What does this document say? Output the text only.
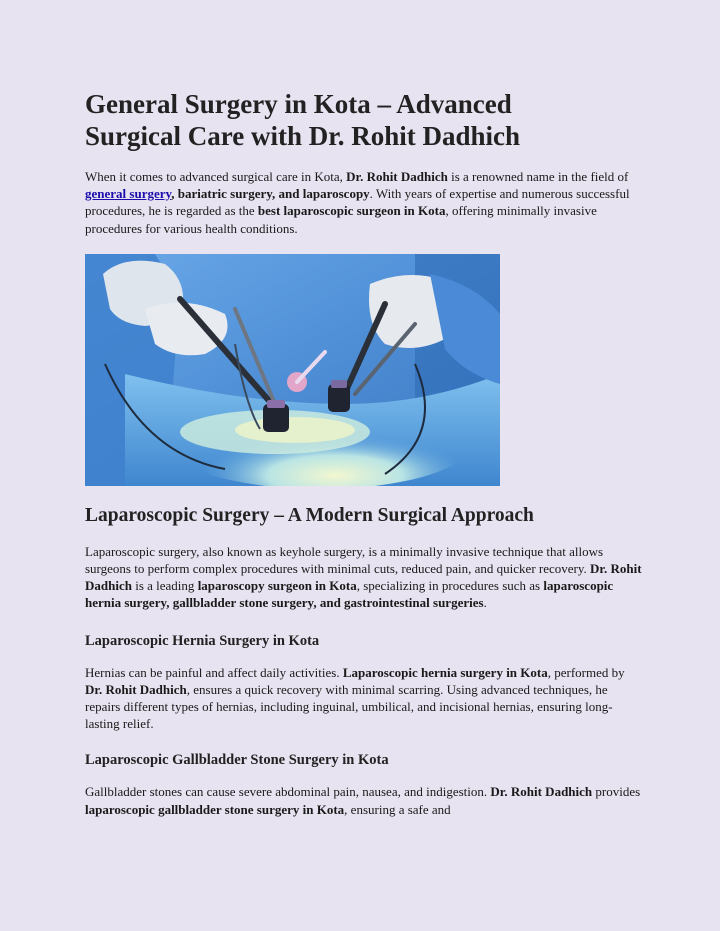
General Surgery in Kota – Advanced
Surgical Care with Dr. Rohit Dadhich

When it comes to advanced surgical care in Kota, Dr. Rohit Dadhich is a renowned name in the field of general surgery, bariatric surgery, and laparoscopy. With years of expertise and numerous successful procedures, he is regarded as the best laparoscopic surgeon in Kota, offering minimally invasive procedures for various health conditions.

Laparoscopic Surgery – A Modern Surgical Approach

Laparoscopic surgery, also known as keyhole surgery, is a minimally invasive technique that allows surgeons to perform complex procedures with minimal cuts, reduced pain, and quicker recovery. Dr. Rohit Dadhich is a leading laparoscopy surgeon in Kota, specializing in procedures such as laparoscopic hernia surgery, gallbladder stone surgery, and gastrointestinal surgeries.

Laparoscopic Hernia Surgery in Kota

Hernias can be painful and affect daily activities. Laparoscopic hernia surgery in Kota, performed by Dr. Rohit Dadhich, ensures a quick recovery with minimal scarring. Using advanced techniques, he repairs different types of hernias, including inguinal, umbilical, and incisional hernias, ensuring long-lasting relief.

Laparoscopic Gallbladder Stone Surgery in Kota

Gallbladder stones can cause severe abdominal pain, nausea, and indigestion. Dr. Rohit Dadhich provides laparoscopic gallbladder stone surgery in Kota, ensuring a safe and
